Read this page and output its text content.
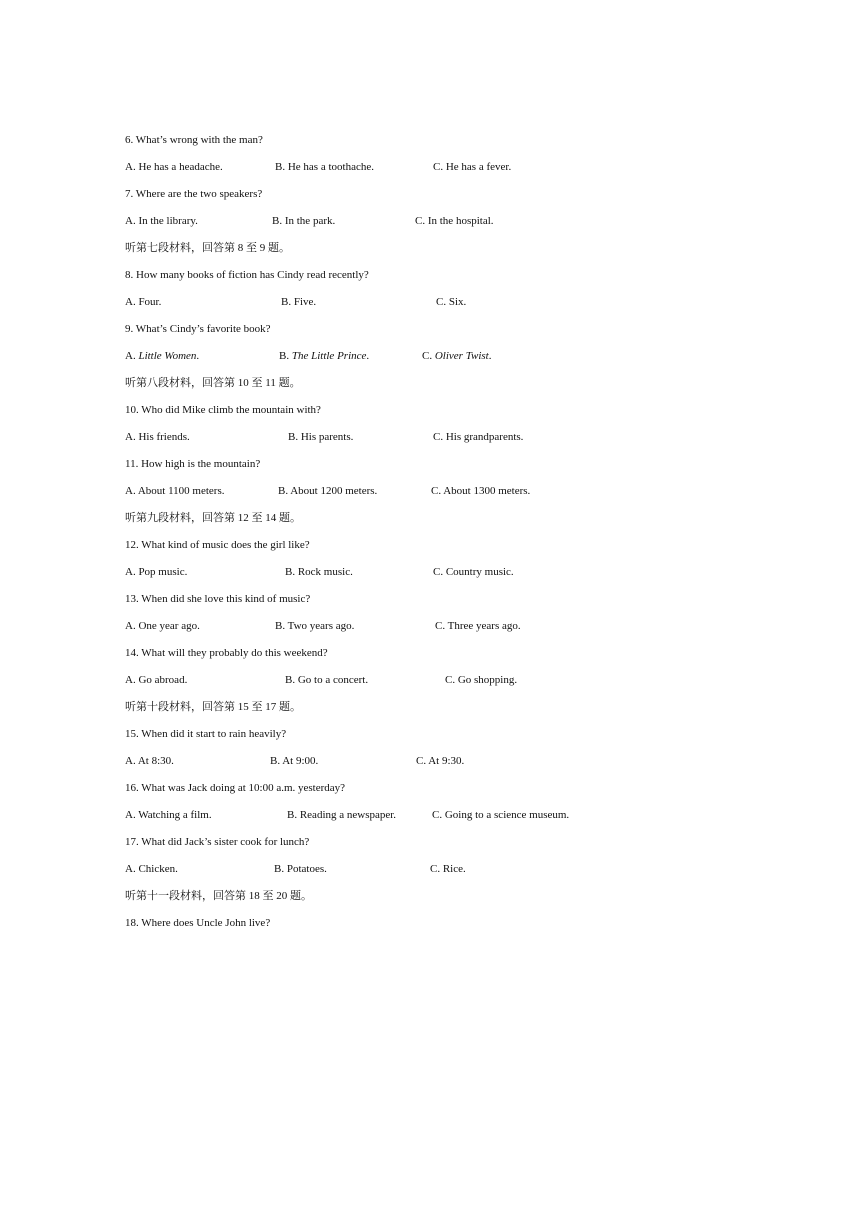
6. What’s wrong with the man?
A. He has a headache.	B. He has a toothache.	C. He has a fever.
7. Where are the two speakers?
A. In the library.	B. In the park.	C. In the hospital.
听第七段材料，回答第 8 至 9 题。
8. How many books of fiction has Cindy read recently?
A. Four.	B. Five.	C. Six.
9. What’s Cindy’s favorite book?
A. Little Women.	B. The Little Prince.	C. Oliver Twist.
听第八段材料，回答第 10 至 11 题。
10. Who did Mike climb the mountain with?
A. His friends.	B. His parents.	C. His grandparents.
11. How high is the mountain?
A. About 1100 meters.	B. About 1200 meters.	C. About 1300 meters.
听第九段材料，回答第 12 至 14 题。
12. What kind of music does the girl like?
A. Pop music.	B. Rock music.	C. Country music.
13. When did she love this kind of music?
A. One year ago.	B. Two years ago.	C. Three years ago.
14. What will they probably do this weekend?
A. Go abroad.	B. Go to a concert.	C. Go shopping.
听第十段材料，回答第 15 至 17 题。
15. When did it start to rain heavily?
A. At 8:30.	B. At 9:00.	C. At 9:30.
16. What was Jack doing at 10:00 a.m. yesterday?
A. Watching a film.	B. Reading a newspaper.	C. Going to a science museum.
17. What did Jack’s sister cook for lunch?
A. Chicken.	B. Potatoes.	C. Rice.
听第十一段材料，回答第 18 至 20 题。
18. Where does Uncle John live?
